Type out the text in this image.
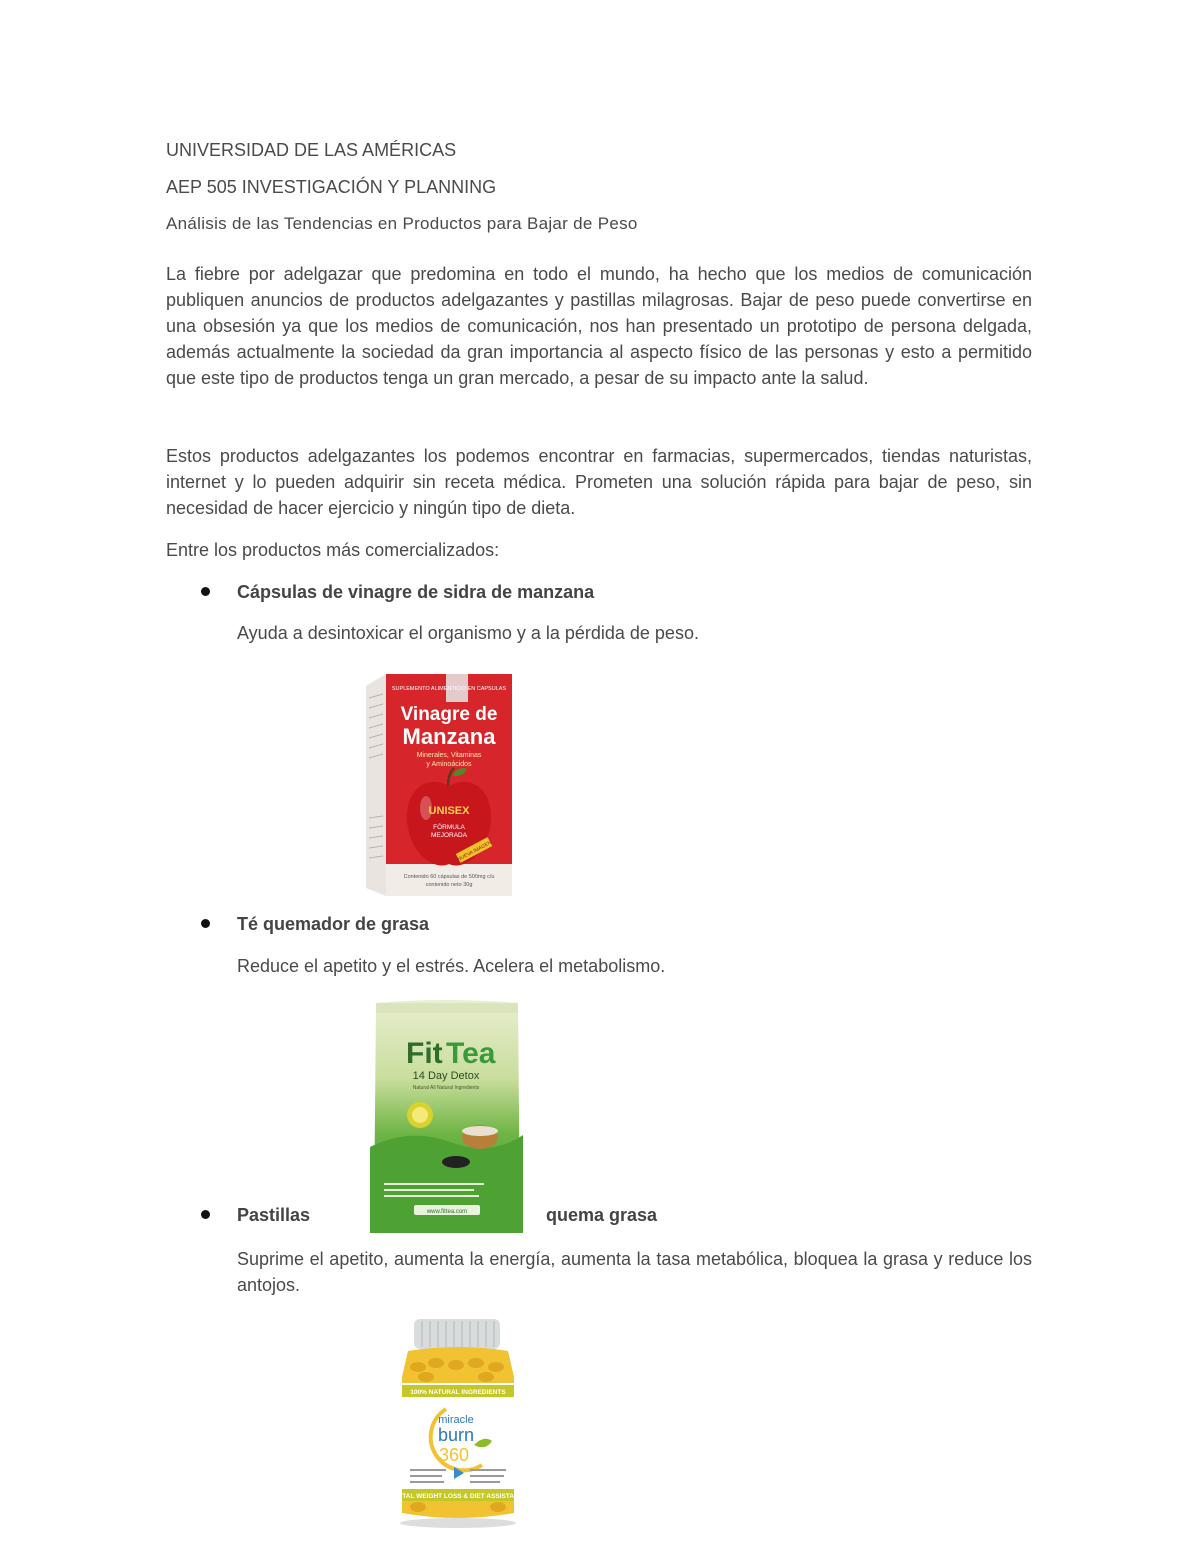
UNIVERSIDAD DE LAS AMÉRICAS
AEP 505 INVESTIGACIÓN Y PLANNING
Análisis de las Tendencias en Productos para Bajar de Peso
La fiebre por adelgazar que predomina en todo el mundo, ha hecho que los medios de comunicación publiquen anuncios de productos adelgazantes y pastillas milagrosas. Bajar de peso puede convertirse en una obsesión ya que los medios de comunicación, nos han presentado un prototipo de persona delgada, además actualmente la sociedad da gran importancia al aspecto físico de las personas y esto a permitido que este tipo de productos tenga un gran mercado, a pesar de su impacto ante la salud.
Estos productos adelgazantes los podemos encontrar en farmacias, supermercados, tiendas naturistas, internet y lo pueden adquirir sin receta médica. Prometen una solución rápida para bajar de peso, sin necesidad de hacer ejercicio y ningún tipo de dieta.
Entre los productos más comercializados:
Cápsulas de vinagre de sidra de manzana
Ayuda a desintoxicar el organismo y a la pérdida de peso.
SUPLEMENTO ALIMENTICIO EN CAPSULAS
Vinagre de
Manzana
Minerales, Vitaminas
y Aminoácidos
UNISEX
FÓRMULA
MEJORADA
NUEVA IMAGEN
Contenido 60 cápsulas de 500mg c/u
contenido neto 30g
Té quemador de grasa
Reduce el apetito y el estrés. Acelera el metabolismo.
Fit Tea
14 Day Detox
Natural All Natural Ingredients
www.fittea.com
Pastillas	quema grasa
Suprime el apetito, aumenta la energía, aumenta la tasa metabólica, bloquea la grasa y reduce los antojos.
100% NATURAL INGREDIENTS
miracle
burn
360
TOTAL WEIGHT LOSS & DIET ASSISTANT
